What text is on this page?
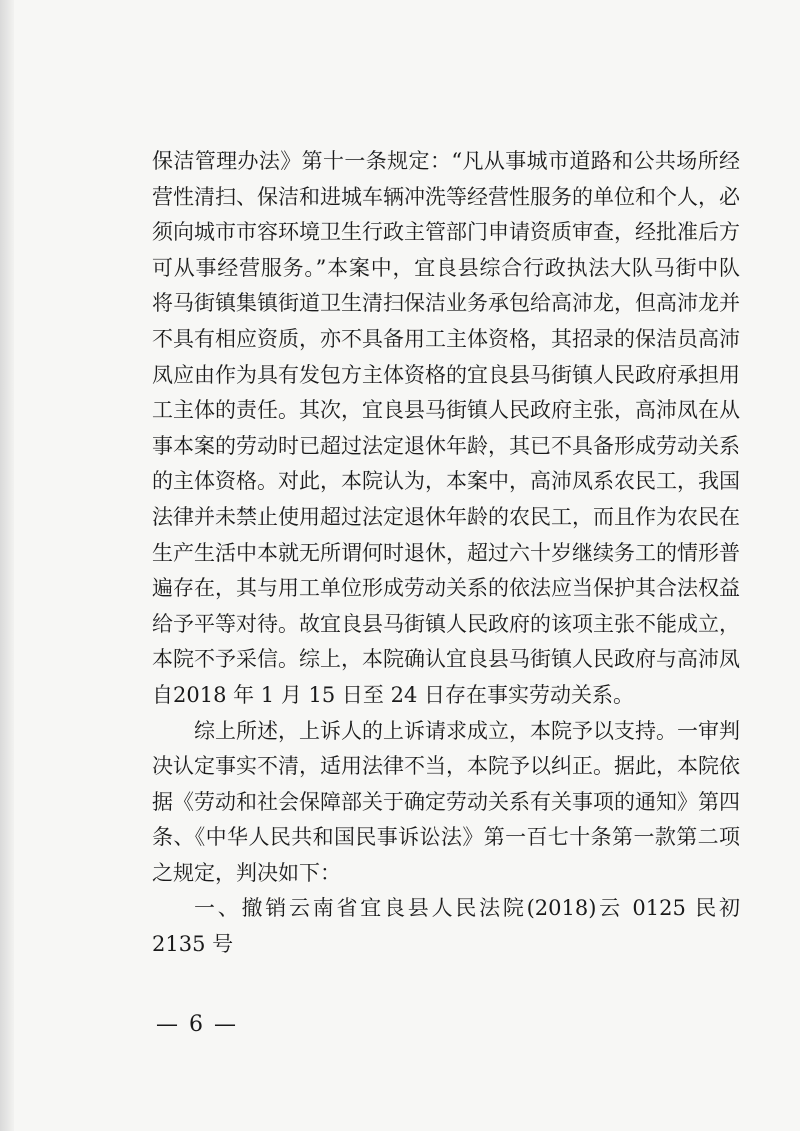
保洁管理办法》第十一条规定：“凡从事城市道路和公共场所经营性清扫、保洁和进城车辆冲洗等经营性服务的单位和个人，必须向城市市容环境卫生行政主管部门申请资质审查，经批准后方可从事经营服务。”本案中，宜良县综合行政执法大队马街中队将马街镇集镇街道卫生清扫保洁业务承包给高沛龙，但高沛龙并不具有相应资质，亦不具备用工主体资格，其招录的保洁员高沛凤应由作为具有发包方主体资格的宜良县马街镇人民政府承担用工主体的责任。其次，宜良县马街镇人民政府主张，高沛凤在从事本案的劳动时已超过法定退休年龄，其已不具备形成劳动关系的主体资格。对此，本院认为，本案中，高沛凤系农民工，我国法律并未禁止使用超过法定退休年龄的农民工，而且作为农民在生产生活中本就无所谓何时退休，超过六十岁继续务工的情形普遍存在，其与用工单位形成劳动关系的依法应当保护其合法权益给予平等对待。故宜良县马街镇人民政府的该项主张不能成立，本院不予采信。综上，本院确认宜良县马街镇人民政府与高沛凤自2018 年 1 月 15 日至 24 日存在事实劳动关系。

综上所述，上诉人的上诉请求成立，本院予以支持。一审判决认定事实不清，适用法律不当，本院予以纠正。据此，本院依据《劳动和社会保障部关于确定劳动关系有关事项的通知》第四条、《中华人民共和国民事诉讼法》第一百七十条第一款第二项之规定，判决如下：

一、撤销云南省宜良县人民法院(2018)云 0125 民初 2135 号

— 6 —
